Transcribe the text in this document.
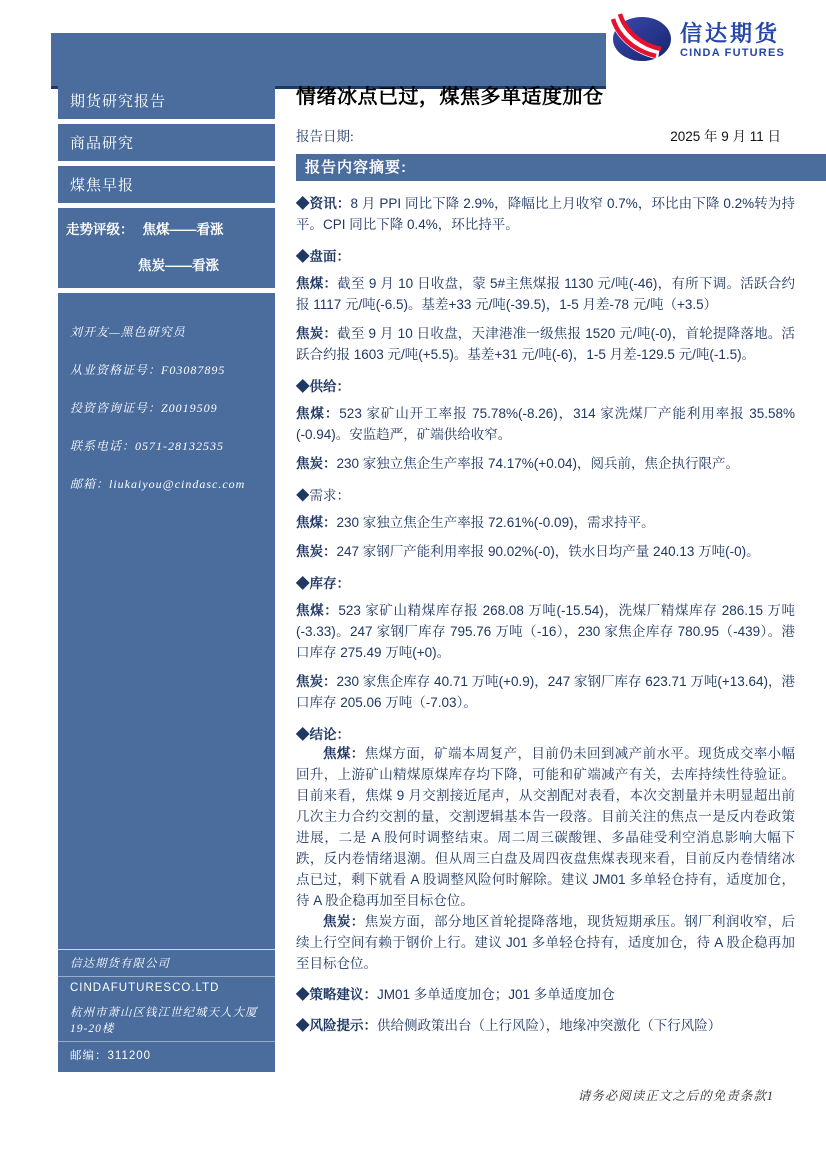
信达期货
CINDA FUTURES
期货研究报告
商品研究
煤焦早报
走势评级： 焦煤——看涨
焦炭——看涨
刘开友—黑色研究员
从业资格证号：F03087895
投资咨询证号：Z0019509
联系电话：0571-28132535
邮箱：liukaiyou@cindasc.com
信达期货有限公司
CINDAFUTURESCO.LTD
杭州市萧山区钱江世纪城天人大厦19-20楼
邮编：311200
情绪冰点已过，煤焦多单适度加仓
报告日期:	2025 年 9 月 11 日
报告内容摘要:

◆资讯：8 月 PPI 同比下降 2.9%，降幅比上月收窄 0.7%，环比由下降 0.2%转为持平。CPI 同比下降 0.4%，环比持平。

◆盘面：

焦煤：截至 9 月 10 日收盘，蒙 5#主焦煤报 1130 元/吨(-46)，有所下调。活跃合约报 1117 元/吨(-6.5)。基差+33 元/吨(-39.5)，1-5 月差-78 元/吨（+3.5）

焦炭：截至 9 月 10 日收盘，天津港准一级焦报 1520 元/吨(-0)，首轮提降落地。活跃合约报 1603 元/吨(+5.5)。基差+31 元/吨(-6)，1-5 月差-129.5 元/吨(-1.5)。

◆供给：

焦煤：523 家矿山开工率报 75.78%(-8.26)，314 家洗煤厂产能利用率报 35.58%(-0.94)。安监趋严，矿端供给收窄。

焦炭：230 家独立焦企生产率报 74.17%(+0.04)，阅兵前，焦企执行限产。

◆需求：

焦煤：230 家独立焦企生产率报 72.61%(-0.09)，需求持平。

焦炭：247 家钢厂产能利用率报 90.02%(-0)，铁水日均产量 240.13 万吨(-0)。

◆库存：

焦煤：523 家矿山精煤库存报 268.08 万吨(-15.54)，洗煤厂精煤库存 286.15 万吨(-3.33)。247 家钢厂库存 795.76 万吨（-16），230 家焦企库存 780.95（-439）。港口库存 275.49 万吨(+0)。

焦炭：230 家焦企库存 40.71 万吨(+0.9)，247 家钢厂库存 623.71 万吨(+13.64)，港口库存 205.06 万吨（-7.03）。

◆结论：

焦煤：焦煤方面，矿端本周复产，目前仍未回到减产前水平。现货成交率小幅回升，上游矿山精煤原煤库存均下降，可能和矿端减产有关，去库持续性待验证。目前来看，焦煤 9 月交割接近尾声，从交割配对表看，本次交割量并未明显超出前几次主力合约交割的量，交割逻辑基本告一段落。目前关注的焦点一是反内卷政策进展，二是 A 股何时调整结束。周二周三碳酸锂、多晶硅受利空消息影响大幅下跌，反内卷情绪退潮。但从周三白盘及周四夜盘焦煤表现来看，目前反内卷情绪冰点已过，剩下就看 A 股调整风险何时解除。建议 JM01 多单轻仓持有，适度加仓，待 A 股企稳再加至目标仓位。

焦炭：焦炭方面，部分地区首轮提降落地，现货短期承压。钢厂利润收窄，后续上行空间有赖于钢价上行。建议 J01 多单轻仓持有，适度加仓，待 A 股企稳再加至目标仓位。

◆策略建议：JM01 多单适度加仓；J01 多单适度加仓

◆风险提示：供给侧政策出台（上行风险），地缘冲突激化（下行风险）

请务必阅读正文之后的免责条款1
